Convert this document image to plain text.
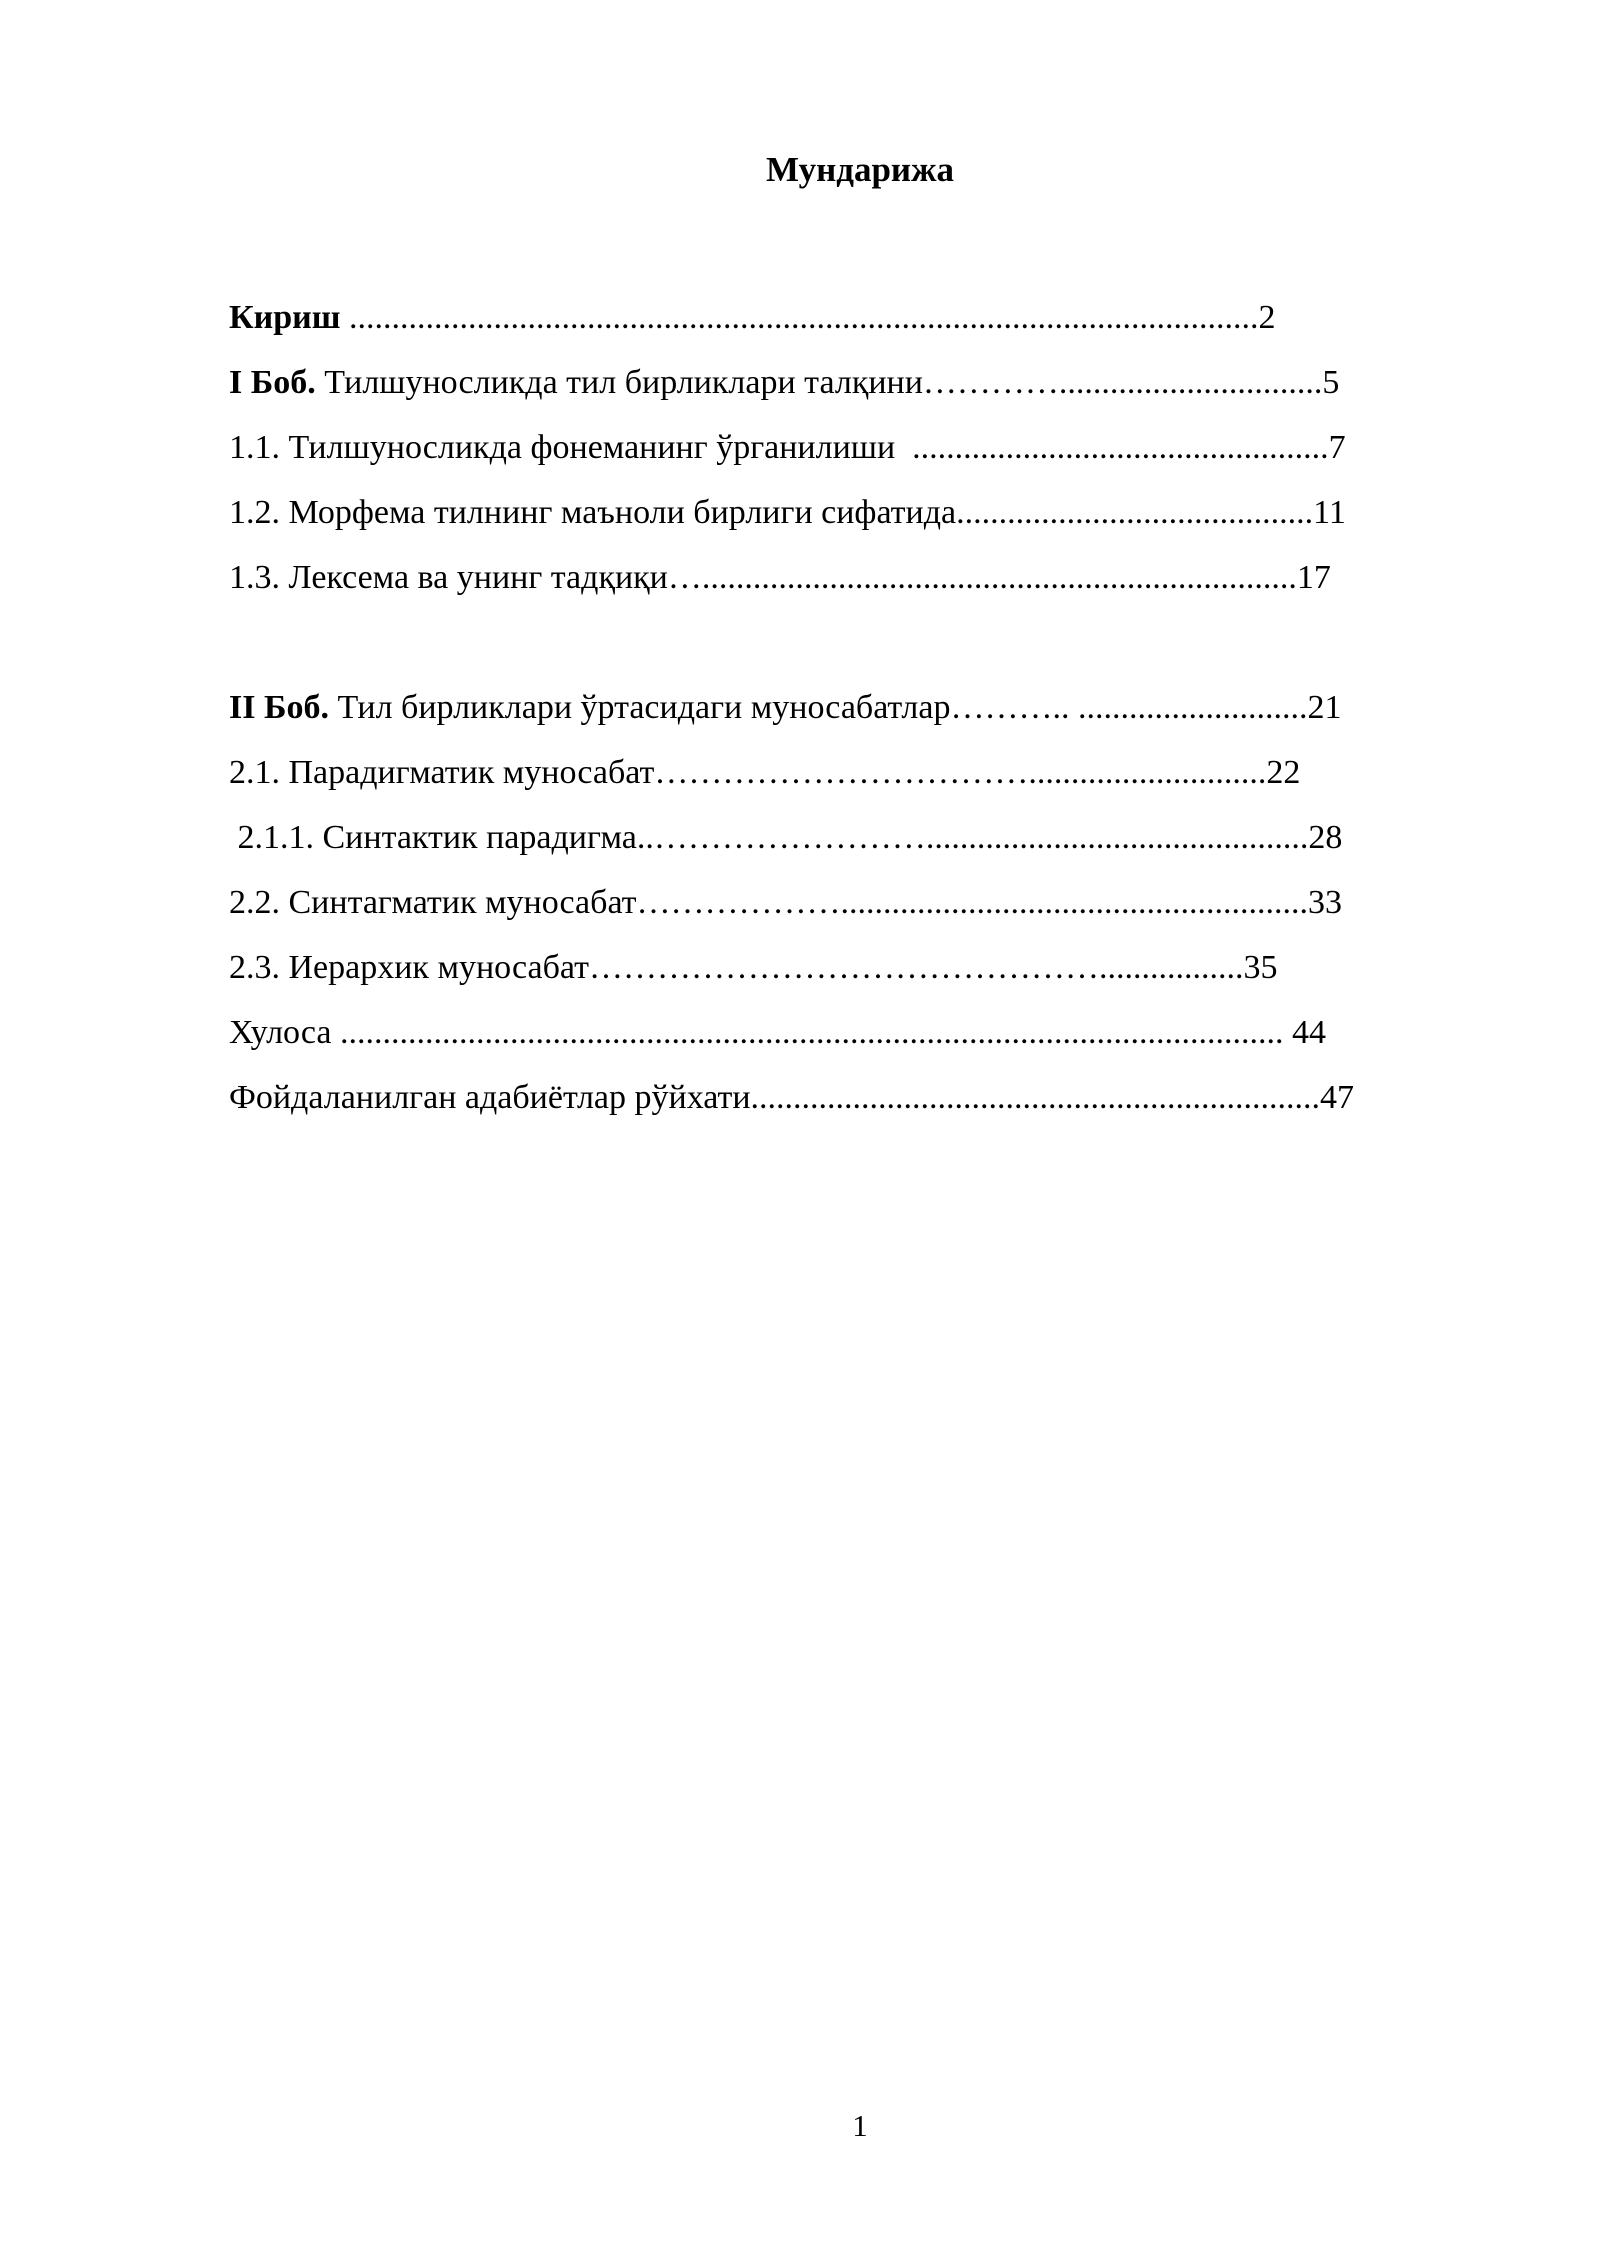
Мундарижа
Кириш ...........................................................................................................2
I Боб. Тилшуносликда тил бирликлари талқини…………...............................5
1.1. Тилшуносликда фонеманинг ўрганилиши  .................................................7
1.2. Морфема тилнинг маъноли бирлиги сифатида..........................................11
1.3. Лексема ва унинг тадқиқи…......................................................................17
II Боб. Тил бирликлари ўртасидаги муносабатлар……….. ...........................21
2.1. Парадигматик муносабат……………………………............................22
2.1.1. Синтактик парадигма..…………………….............................................28
2.2. Синтагматик муносабат……………….......................................................33
2.3. Иерархик муносабат……………………………………….................35
Хулоса ............................................................................................................... 44
Фойдаланилган адабиётлар рўйхати...................................................................47
1
